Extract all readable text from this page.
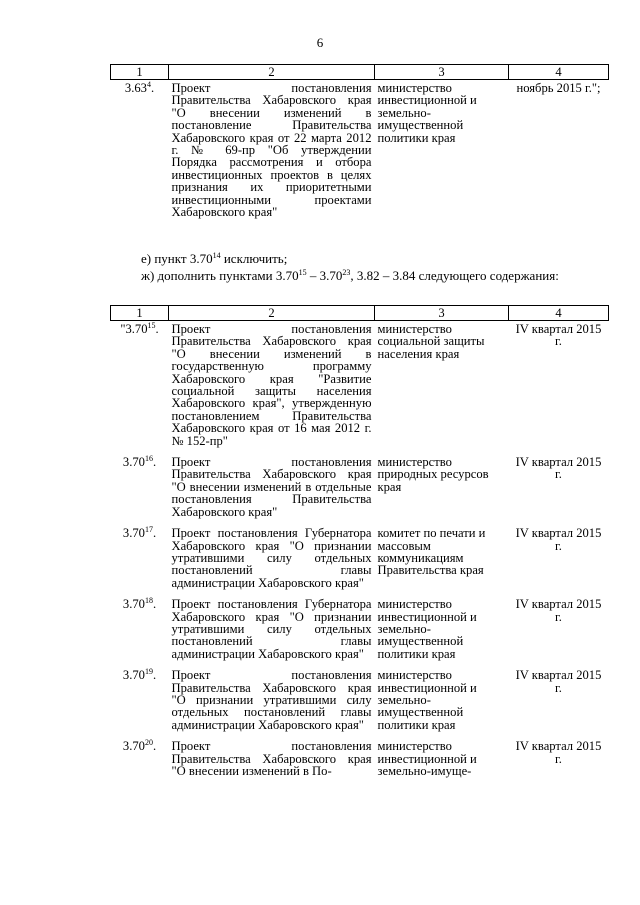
6
1	2	3	4
3.63$^4$.	Проект постановления Правительства Хабаровского края "О внесении изменений в постановление Правительства Хабаровского края от 22 марта 2012 г. № 69-пр "Об утверждении Порядка рассмотрения и отбора инвестиционных проектов в целях признания их приоритетными инвестиционными проектами Хабаровского края"	министерство инвестиционной и земельно-имущественной политики края	ноябрь 2015 г.";
е) пункт 3.70$^{14}$ исключить;
ж) дополнить пунктами 3.70$^{15}$ – 3.70$^{23}$, 3.82 – 3.84 следующего содержания:
1	2	3	4
"3.70$^{15}$.	Проект постановления Правительства Хабаровского края "О внесении изменений в государственную программу Хабаровского края "Развитие социальной защиты населения Хабаровского края", утвержденную постановлением Правительства Хабаровского края от 16 мая 2012 г. № 152-пр"	министерство социальной защиты населения края	IV квартал 2015 г.
3.70$^{16}$.	Проект постановления Правительства Хабаровского края "О внесении изменений в отдельные постановления Правительства Хабаровского края"	министерство природных ресурсов края	IV квартал 2015 г.
3.70$^{17}$.	Проект постановления Губернатора Хабаровского края "О признании утратившими силу отдельных постановлений главы администрации Хабаровского края"	комитет по печати и массовым коммуникациям Правительства края	IV квартал 2015 г.
3.70$^{18}$.	Проект постановления Губернатора Хабаровского края "О признании утратившими силу отдельных постановлений главы администрации Хабаровского края"	министерство инвестиционной и земельно-имущественной политики края	IV квартал 2015 г.
3.70$^{19}$.	Проект постановления Правительства Хабаровского края "О признании утратившими силу отдельных постановлений главы администрации Хабаровского края"	министерство инвестиционной и земельно-имущественной политики края	IV квартал 2015 г.
3.70$^{20}$.	Проект постановления Правительства Хабаровского края "О внесении изменений в По-	министерство инвестиционной и земельно-имуще-	IV квартал 2015 г.
